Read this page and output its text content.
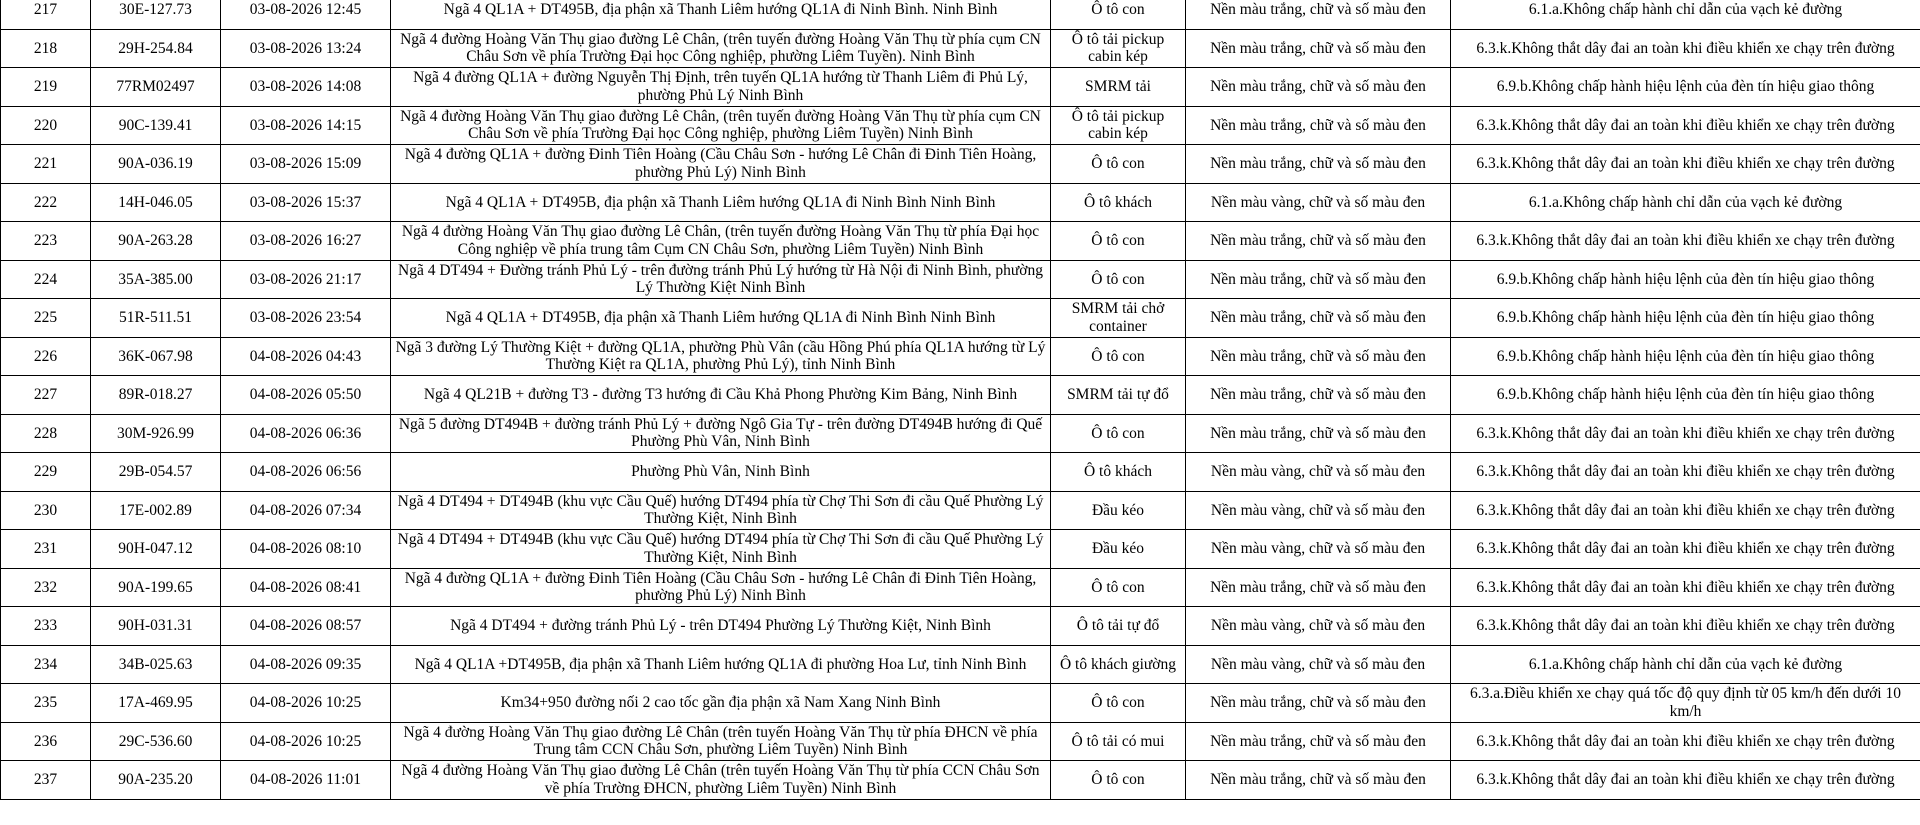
217	30E-127.73	03-08-2026 12:45	Ngã 4 QL1A + DT495B, địa phận xã Thanh Liêm hướng QL1A đi Ninh Bình. Ninh Bình	Ô tô con	Nền màu trắng, chữ và số màu đen	6.1.a.Không chấp hành chỉ dẫn của vạch kẻ đường
218	29H-254.84	03-08-2026 13:24	Ngã 4 đường Hoàng Văn Thụ giao đường Lê Chân, (trên tuyến đường Hoàng Văn Thụ từ phía cụm CN Châu Sơn về phía Trường Đại học Công nghiệp, phường Liêm Tuyền). Ninh Bình	Ô tô tải pickup cabin kép	Nền màu trắng, chữ và số màu đen	6.3.k.Không thắt dây đai an toàn khi điều khiển xe chạy trên đường
219	77RM02497	03-08-2026 14:08	Ngã 4 đường QL1A + đường Nguyễn Thị Định, trên tuyến QL1A hướng từ Thanh Liêm đi Phủ Lý, phường Phủ Lý Ninh Bình	SMRM tải	Nền màu trắng, chữ và số màu đen	6.9.b.Không chấp hành hiệu lệnh của đèn tín hiệu giao thông
220	90C-139.41	03-08-2026 14:15	Ngã 4 đường Hoàng Văn Thụ giao đường Lê Chân, (trên tuyến đường Hoàng Văn Thụ từ phía cụm CN Châu Sơn về phía Trường Đại học Công nghiệp, phường Liêm Tuyền) Ninh Bình	Ô tô tải pickup cabin kép	Nền màu trắng, chữ và số màu đen	6.3.k.Không thắt dây đai an toàn khi điều khiển xe chạy trên đường
221	90A-036.19	03-08-2026 15:09	Ngã 4 đường QL1A + đường Đinh Tiên Hoàng (Cầu Châu Sơn - hướng Lê Chân đi Đinh Tiên Hoàng, phường Phủ Lý) Ninh Bình	Ô tô con	Nền màu trắng, chữ và số màu đen	6.3.k.Không thắt dây đai an toàn khi điều khiển xe chạy trên đường
222	14H-046.05	03-08-2026 15:37	Ngã 4 QL1A + DT495B, địa phận xã Thanh Liêm hướng QL1A đi Ninh Bình Ninh Bình	Ô tô khách	Nền màu vàng, chữ và số màu đen	6.1.a.Không chấp hành chỉ dẫn của vạch kẻ đường
223	90A-263.28	03-08-2026 16:27	Ngã 4 đường Hoàng Văn Thụ giao đường Lê Chân, (trên tuyến đường Hoàng Văn Thụ từ phía Đại học Công nghiệp về phía trung tâm Cụm CN Châu Sơn, phường Liêm Tuyền) Ninh Bình	Ô tô con	Nền màu trắng, chữ và số màu đen	6.3.k.Không thắt dây đai an toàn khi điều khiển xe chạy trên đường
224	35A-385.00	03-08-2026 21:17	Ngã 4 DT494 + Đường tránh Phủ Lý - trên đường tránh Phủ Lý hướng từ Hà Nội đi Ninh Bình, phường Lý Thường Kiệt Ninh Bình	Ô tô con	Nền màu trắng, chữ và số màu đen	6.9.b.Không chấp hành hiệu lệnh của đèn tín hiệu giao thông
225	51R-511.51	03-08-2026 23:54	Ngã 4 QL1A + DT495B, địa phận xã Thanh Liêm hướng QL1A đi Ninh Bình Ninh Bình	SMRM tải chở container	Nền màu trắng, chữ và số màu đen	6.9.b.Không chấp hành hiệu lệnh của đèn tín hiệu giao thông
226	36K-067.98	04-08-2026 04:43	Ngã 3 đường Lý Thường Kiệt + đường QL1A, phường Phù Vân (cầu Hồng Phú phía QL1A hướng từ Lý Thường Kiệt ra QL1A, phường Phủ Lý), tỉnh Ninh Bình	Ô tô con	Nền màu trắng, chữ và số màu đen	6.9.b.Không chấp hành hiệu lệnh của đèn tín hiệu giao thông
227	89R-018.27	04-08-2026 05:50	Ngã 4 QL21B + đường T3 - đường T3 hướng đi Cầu Khả Phong Phường Kim Bảng, Ninh Bình	SMRM tải tự đổ	Nền màu trắng, chữ và số màu đen	6.9.b.Không chấp hành hiệu lệnh của đèn tín hiệu giao thông
228	30M-926.99	04-08-2026 06:36	Ngã 5 đường DT494B + đường tránh Phủ Lý + đường Ngô Gia Tự - trên đường DT494B hướng đi Quế Phường Phù Vân, Ninh Bình	Ô tô con	Nền màu trắng, chữ và số màu đen	6.3.k.Không thắt dây đai an toàn khi điều khiển xe chạy trên đường
229	29B-054.57	04-08-2026 06:56	Phường Phù Vân, Ninh Bình	Ô tô khách	Nền màu vàng, chữ và số màu đen	6.3.k.Không thắt dây đai an toàn khi điều khiển xe chạy trên đường
230	17E-002.89	04-08-2026 07:34	Ngã 4 DT494 + DT494B (khu vực Cầu Quế) hướng DT494 phía từ Chợ Thi Sơn đi cầu Quế Phường Lý Thường Kiệt, Ninh Bình	Đầu kéo	Nền màu vàng, chữ và số màu đen	6.3.k.Không thắt dây đai an toàn khi điều khiển xe chạy trên đường
231	90H-047.12	04-08-2026 08:10	Ngã 4 DT494 + DT494B (khu vực Cầu Quế) hướng DT494 phía từ Chợ Thi Sơn đi cầu Quế Phường Lý Thường Kiệt, Ninh Bình	Đầu kéo	Nền màu vàng, chữ và số màu đen	6.3.k.Không thắt dây đai an toàn khi điều khiển xe chạy trên đường
232	90A-199.65	04-08-2026 08:41	Ngã 4 đường QL1A + đường Đinh Tiên Hoàng (Cầu Châu Sơn - hướng Lê Chân đi Đinh Tiên Hoàng, phường Phủ Lý) Ninh Bình	Ô tô con	Nền màu trắng, chữ và số màu đen	6.3.k.Không thắt dây đai an toàn khi điều khiển xe chạy trên đường
233	90H-031.31	04-08-2026 08:57	Ngã 4 DT494 + đường tránh Phủ Lý - trên DT494 Phường Lý Thường Kiệt, Ninh Bình	Ô tô tải tự đổ	Nền màu vàng, chữ và số màu đen	6.3.k.Không thắt dây đai an toàn khi điều khiển xe chạy trên đường
234	34B-025.63	04-08-2026 09:35	Ngã 4 QL1A +DT495B, địa phận xã Thanh Liêm hướng QL1A đi phường Hoa Lư, tỉnh Ninh Bình	Ô tô khách giường	Nền màu vàng, chữ và số màu đen	6.1.a.Không chấp hành chỉ dẫn của vạch kẻ đường
235	17A-469.95	04-08-2026 10:25	Km34+950 đường nối 2 cao tốc gần địa phận xã Nam Xang Ninh Bình	Ô tô con	Nền màu trắng, chữ và số màu đen	6.3.a.Điều khiển xe chạy quá tốc độ quy định từ 05 km/h đến dưới 10 km/h
236	29C-536.60	04-08-2026 10:25	Ngã 4 đường Hoàng Văn Thụ giao đường Lê Chân (trên tuyến Hoàng Văn Thụ từ phía ĐHCN về phía Trung tâm CCN Châu Sơn, phường Liêm Tuyền) Ninh Bình	Ô tô tải có mui	Nền màu trắng, chữ và số màu đen	6.3.k.Không thắt dây đai an toàn khi điều khiển xe chạy trên đường
237	90A-235.20	04-08-2026 11:01	Ngã 4 đường Hoàng Văn Thụ giao đường Lê Chân (trên tuyến Hoàng Văn Thụ từ phía CCN Châu Sơn về phía Trường ĐHCN, phường Liêm Tuyền) Ninh Bình	Ô tô con	Nền màu trắng, chữ và số màu đen	6.3.k.Không thắt dây đai an toàn khi điều khiển xe chạy trên đường
